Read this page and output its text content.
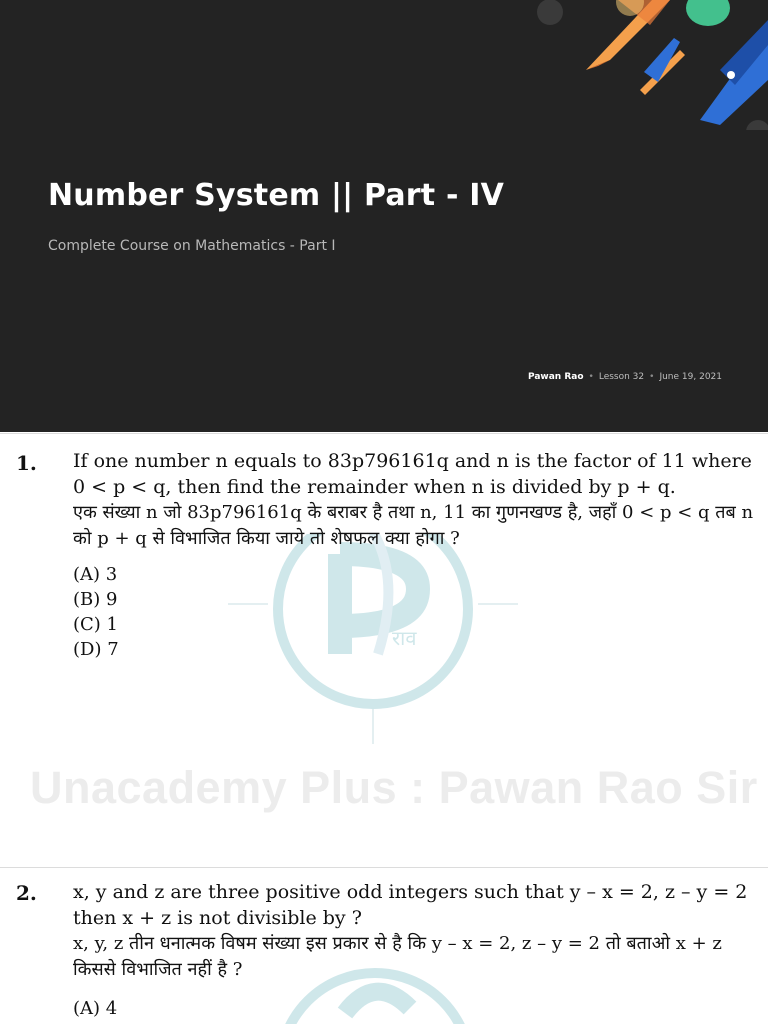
Number System || Part - IV
Complete Course on Mathematics - Part I
Pawan Rao • Lesson 32 • June 19, 2021
राव
Unacademy Plus : Pawan Rao Sir
1. If one number n equals to 83p796161q and n is the factor of 11 where 0 < p < q, then find the remainder when n is divided by p + q.

एक संख्या n जो 83p796161q के बराबर है तथा n, 11 का गुणनखण्ड है, जहाँ 0 < p < q तब n को p + q से विभाजित किया जाये तो शेषफल क्या होगा ?

(A) 3
(B) 9
(C) 1
(D) 7
2. x, y and z are three positive odd integers such that y – x = 2, z – y = 2 then x + z is not divisible by ?

x, y, z तीन धनात्मक विषम संख्या इस प्रकार से है कि y – x = 2, z – y = 2 तो बताओ x + z किससे विभाजित नहीं है ?

(A) 4
